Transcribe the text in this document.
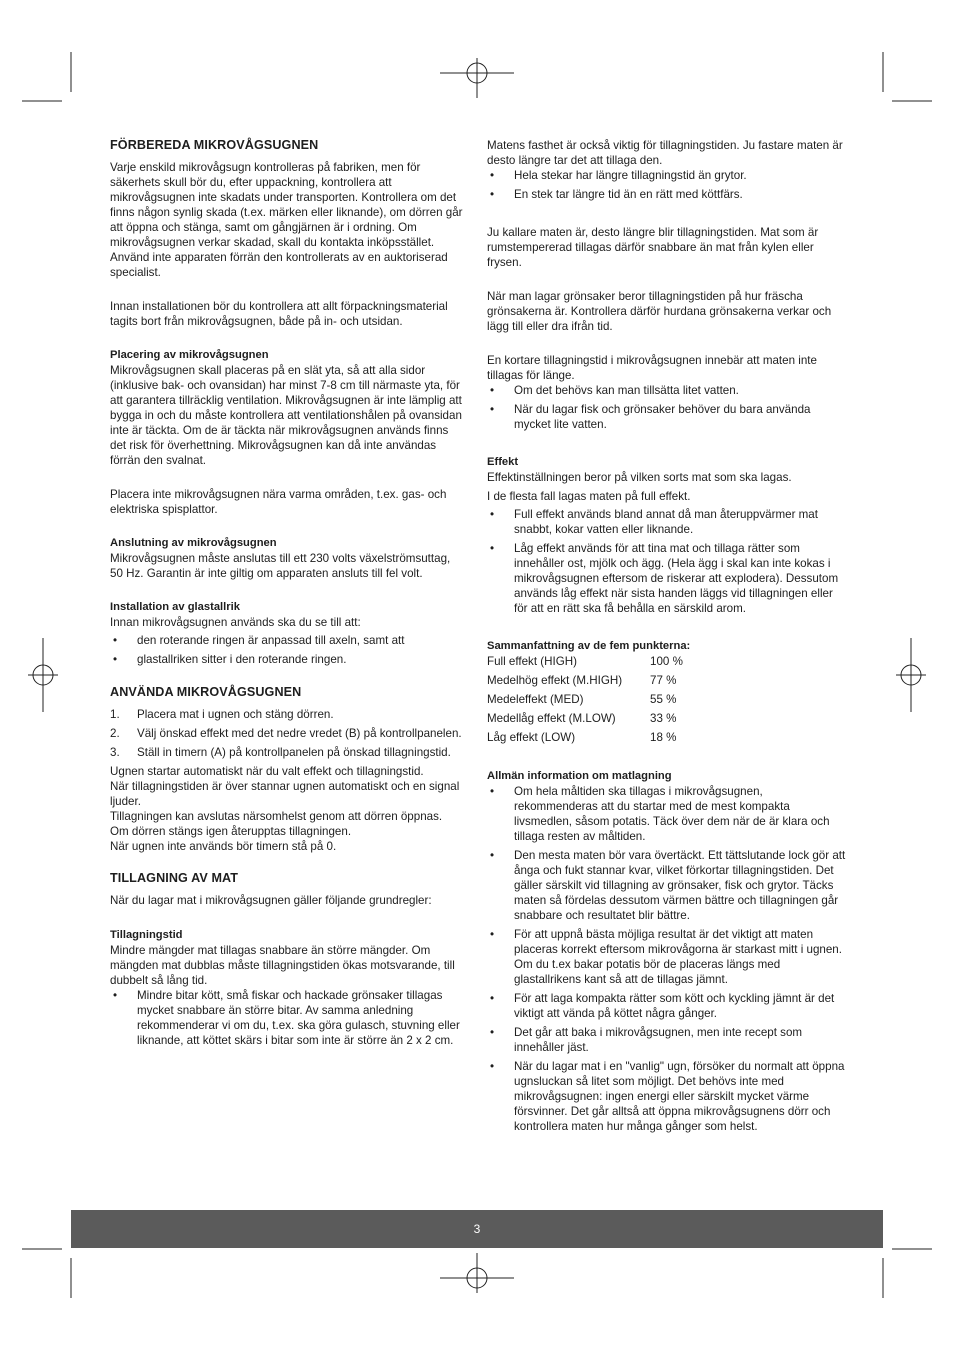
FÖRBEREDA MIKROVÅGSUGNEN

Varje enskild mikrovågsugn kontrolleras på fabriken, men för säkerhets skull bör du, efter uppackning, kontrollera att mikrovågsugnen inte skadats under transporten. Kontrollera om det finns någon synlig skada (t.ex. märken eller liknande), om dörren går att öppna och stänga, samt om gångjärnen är i ordning. Om mikrovågsugnen verkar skadad, skall du kontakta inköpsstället. Använd inte apparaten förrän den kontrollerats av en auktoriserad specialist.

Innan installationen bör du kontrollera att allt förpackningsmaterial tagits bort från mikrovågsugnen, både på in- och utsidan.

Placering av mikrovågsugnen

Mikrovågsugnen skall placeras på en slät yta, så att alla sidor (inklusive bak- och ovansidan) har minst 7-8 cm till närmaste yta, för att garantera tillräcklig ventilation. Mikrovågsugnen är inte lämplig att bygga in och du måste kontrollera att ventilationshålen på ovansidan inte är täckta. Om de är täckta när mikrovågsugnen används finns det risk för överhettning. Mikrovågsugnen kan då inte användas förrän den svalnat.

Placera inte mikrovågsugnen nära varma områden, t.ex. gas- och elektriska spisplattor.

Anslutning av mikrovågsugnen

Mikrovågsugnen måste anslutas till ett 230 volts växelströmsuttag, 50 Hz. Garantin är inte giltig om apparaten ansluts till fel volt.

Installation av glastallrik

Innan mikrovågsugnen används ska du se till att:

• den roterande ringen är anpassad till axeln, samt att
• glastallriken sitter i den roterande ringen.
ANVÄNDA MIKROVÅGSUGNEN
1. Placera mat i ugnen och stäng dörren.
2. Välj önskad effekt med det nedre vredet (B) på kontrollpanelen.
3. Ställ in timern (A) på kontrollpanelen på önskad tillagningstid.

Ugnen startar automatiskt när du valt effekt och tillagningstid.

När tillagningstiden är över stannar ugnen automatiskt och en signal ljuder.

Tillagningen kan avslutas närsomhelst genom att dörren öppnas.

Om dörren stängs igen återupptas tillagningen.

När ugnen inte används bör timern stå på 0.

TILLAGNING AV MAT

När du lagar mat i mikrovågsugnen gäller följande grundregler:

Tillagningstid

Mindre mängder mat tillagas snabbare än större mängder. Om mängden mat dubblas måste tillagningstiden ökas motsvarande, till dubbelt så lång tid.

• Mindre bitar kött, små fiskar och hackade grönsaker tillagas mycket snabbare än större bitar. Av samma anledning rekommenderar vi om du, t.ex. ska göra gulasch, stuvning eller liknande, att köttet skärs i bitar som inte är större än 2 x 2 cm.

Matens fasthet är också viktig för tillagningstiden. Ju fastare maten är desto längre tar det att tillaga den.

• Hela stekar har längre tillagningstid än grytor.
• En stek tar längre tid än en rätt med köttfärs.

Ju kallare maten är, desto längre blir tillagningstiden. Mat som är rumstempererad tillagas därför snabbare än mat från kylen eller frysen.

När man lagar grönsaker beror tillagningstiden på hur fräscha grönsakerna är. Kontrollera därför hurdana grönsakerna verkar och lägg till eller dra ifrån tid.

En kortare tillagningstid i mikrovågsugnen innebär att maten inte tillagas för länge.

• Om det behövs kan man tillsätta litet vatten.
• När du lagar fisk och grönsaker behöver du bara använda mycket lite vatten.
Effekt

Effektinställningen beror på vilken sorts mat som ska lagas.

I de flesta fall lagas maten på full effekt.

• Full effekt används bland annat då man återuppvärmer mat snabbt, kokar vatten eller liknande.
• Låg effekt används för att tina mat och tillaga rätter som innehåller ost, mjölk och ägg. (Hela ägg i skal kan inte kokas i mikrovågsugnen eftersom de riskerar att explodera). Dessutom används låg effekt när sista handen läggs vid tillagningen eller för att en rätt ska få behålla en särskild arom.
Sammanfattning av de fem punkterna:
Full effekt (HIGH)	100 %
Medelhög effekt (M.HIGH)	77 %
Medeleffekt (MED)	55 %
Medellåg effekt (M.LOW)	33 %
Låg effekt (LOW)	18 %
Allmän information om matlagning
• Om hela måltiden ska tillagas i mikrovågsugnen, rekommenderas att du startar med de mest kompakta livsmedlen, såsom potatis. Täck över dem när de är klara och tillaga resten av måltiden.
• Den mesta maten bör vara övertäckt. Ett tättslutande lock gör att ånga och fukt stannar kvar, vilket förkortar tillagningstiden. Det gäller särskilt vid tillagning av grönsaker, fisk och grytor. Täcks maten så fördelas dessutom värmen bättre och tillagningen går snabbare och resultatet blir bättre.
• För att uppnå bästa möjliga resultat är det viktigt att maten placeras korrekt eftersom mikrovågorna är starkast mitt i ugnen. Om du t.ex bakar potatis bör de placeras längs med glastallrikens kant så att de tillagas jämnt.
• För att laga kompakta rätter som kött och kyckling jämnt är det viktigt att vända på köttet några gånger.
• Det går att baka i mikrovågsugnen, men inte recept som innehåller jäst.
• När du lagar mat i en "vanlig" ugn, försöker du normalt att öppna ugnsluckan så litet som möjligt. Det behövs inte med mikrovågsugnen: ingen energi eller särskilt mycket värme försvinner. Det går alltså att öppna mikrovågsugnens dörr och kontrollera maten hur många gånger som helst.
3
